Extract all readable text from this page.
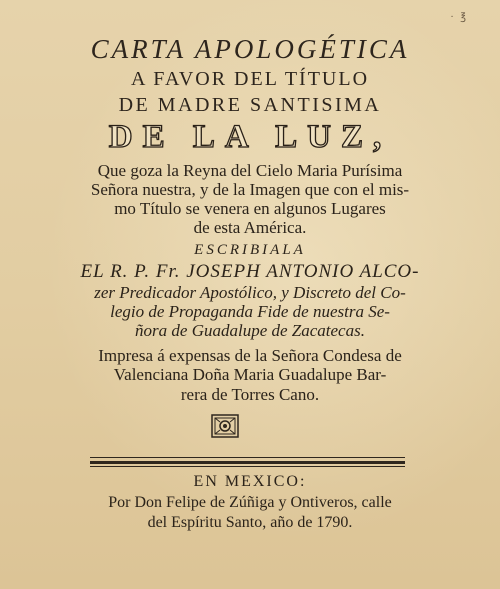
· ℥
CARTA APOLOGÉTICA
A FAVOR DEL TÍTULO
DE MADRE SANTISIMA
DE LA LUZ,
Que goza la Reyna del Cielo Maria Purísima
Señora nuestra, y de la Imagen que con el mis-
mo Título se venera en algunos Lugares
de esta América.
ESCRIBIALA
EL R. P. Fr. JOSEPH ANTONIO ALCO-
zer Predicador Apostólico, y Discreto del Co-
legio de Propaganda Fide de nuestra Se-
ñora de Guadalupe de Zacatecas.
Impresa á expensas de la Señora Condesa de
Valenciana Doña Maria Guadalupe Bar-
rera de Torres Cano.
EN MEXICO:
Por Don Felipe de Zúñiga y Ontiveros, calle
del Espíritu Santo, año de 1790.
